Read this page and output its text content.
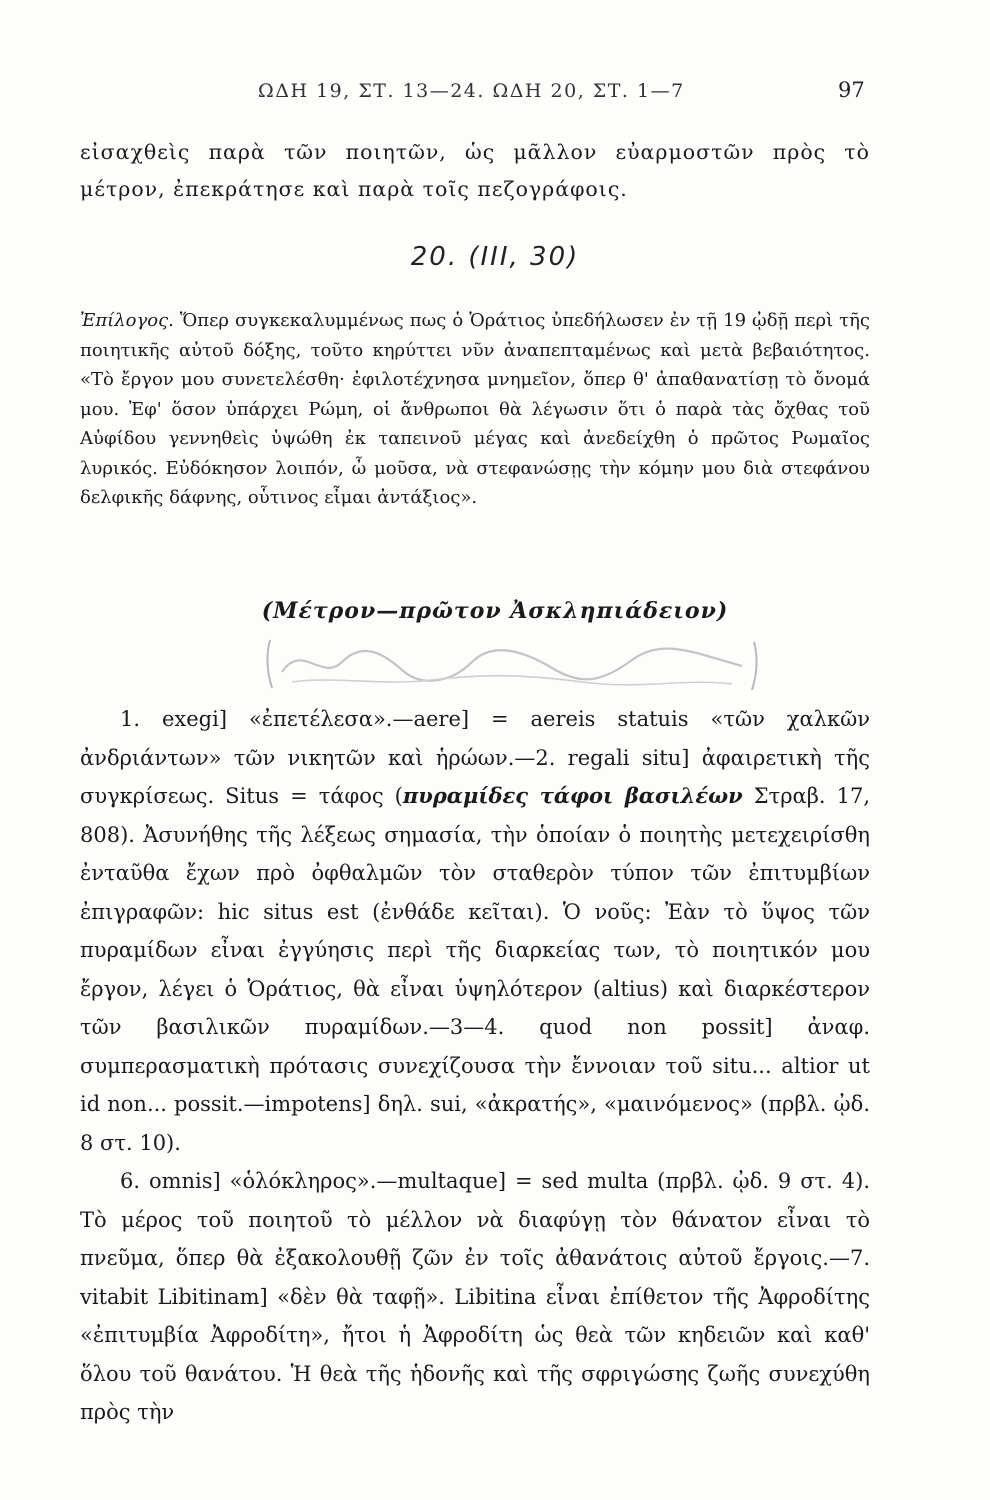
ΩΔΗ 19, ΣΤ. 13—24. ΩΔΗ 20, ΣΤ. 1—7	97

εἰσαχθεὶς παρὰ τῶν ποιητῶν, ὡς μᾶλλον εὐαρμοστῶν πρὸς τὸ μέτρον, ἐπεκράτησε καὶ παρὰ τοῖς πεζογράφοις.

20. (III, 30)

Ἐπίλογος. Ὅπερ συγκεκαλυμμένως πως ὁ Ὁράτιος ὑπεδήλωσεν ἐν τῇ 19 ᾠδῇ περὶ τῆς ποιητικῆς αὐτοῦ δόξης, τοῦτο κηρύττει νῦν ἀναπεπταμένως καὶ μετὰ βεβαιότητος. «Τὸ ἔργον μου συνετελέσθη· ἐφιλοτέχνησα μνημεῖον, ὅπερ θ' ἀπαθανατίσῃ τὸ ὄνομά μου. Ἐφ' ὅσον ὑπάρχει Ρώμη, οἱ ἄνθρωποι θὰ λέγωσιν ὅτι ὁ παρὰ τὰς ὄχθας τοῦ Αὐφίδου γεννηθεὶς ὑψώθη ἐκ ταπεινοῦ μέγας καὶ ἀνεδείχθη ὁ πρῶτος Ρωμαῖος λυρικός. Εὐδόκησον λοιπόν, ὦ μοῦσα, νὰ στεφανώσῃς τὴν κόμην μου διὰ στεφάνου δελφικῆς δάφνης, οὗτινος εἶμαι ἀντάξιος».

(Μέτρον—πρῶτον Ἀσκληπιάδειον)

1. exegi] «ἐπετέλεσα».—aere] = aereis statuis «τῶν χαλκῶν ἀνδριάντων» τῶν νικητῶν καὶ ἡρώων.—2. regali situ] ἀφαιρετικὴ τῆς συγκρίσεως. Situs = τάφος (πυραμίδες τάφοι βασιλέων Στραβ. 17, 808). Ἀσυνήθης τῆς λέξεως σημασία, τὴν ὁποίαν ὁ ποιητὴς μετεχειρίσθη ἐνταῦθα ἔχων πρὸ ὀφθαλμῶν τὸν σταθερὸν τύπον τῶν ἐπιτυμβίων ἐπιγραφῶν: hic situs est (ἐνθάδε κεῖται). Ὁ νοῦς: Ἐὰν τὸ ὕψος τῶν πυραμίδων εἶναι ἐγγύησις περὶ τῆς διαρκείας των, τὸ ποιητικόν μου ἔργον, λέγει ὁ Ὁράτιος, θὰ εἶναι ὑψηλότερον (altius) καὶ διαρκέστερον τῶν βασιλικῶν πυραμίδων.—3—4. quod non possit] ἀναφ. συμπερασματικὴ πρότασις συνεχίζουσα τὴν ἔννοιαν τοῦ situ... altior ut id non... possit.—impotens] δηλ. sui, «ἀκρατής», «μαινόμενος» (πρβλ. ᾠδ. 8 στ. 10).

6. omnis] «ὁλόκληρος».—multaque] = sed multa (πρβλ. ᾠδ. 9 στ. 4). Τὸ μέρος τοῦ ποιητοῦ τὸ μέλλον νὰ διαφύγῃ τὸν θάνατον εἶναι τὸ πνεῦμα, ὅπερ θὰ ἐξακολουθῇ ζῶν ἐν τοῖς ἀθανάτοις αὐτοῦ ἔργοις.—7. vitabit Libitinam] «δὲν θὰ ταφῇ». Libitina εἶναι ἐπίθετον τῆς Ἀφροδίτης «ἐπιτυμβία Ἀφροδίτη», ἤτοι ἡ Ἀφροδίτη ὡς θεὰ τῶν κηδειῶν καὶ καθ' ὅλου τοῦ θανάτου. Ἡ θεὰ τῆς ἡδονῆς καὶ τῆς σφριγώσης ζωῆς συνεχύθη πρὸς τὴν
